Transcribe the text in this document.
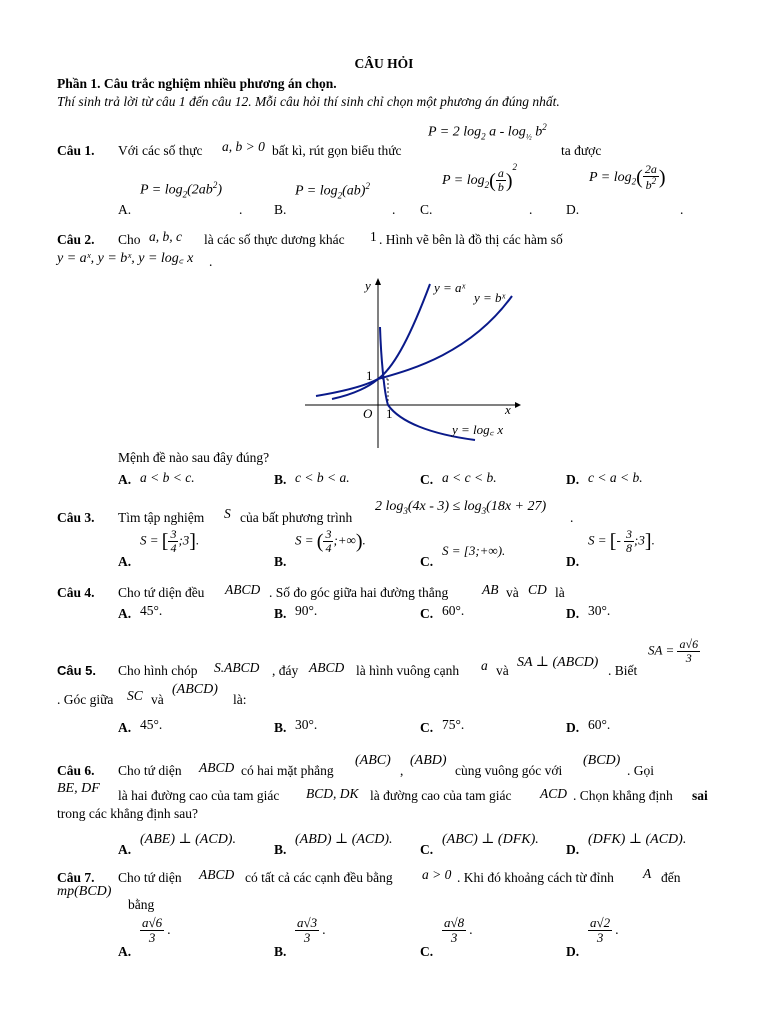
CÂU HỎI
Phần 1. Câu trắc nghiệm nhiều phương án chọn.
Thí sinh trả lời từ câu 1 đến câu 12. Mỗi câu hỏi thí sinh chỉ chọn một phương án đúng nhất.
Câu 1. Với các số thực a, b > 0 bất kì, rút gọn biểu thức
P = 2 $\log_2 a - \log_{\frac{1}{2}} b^2$
ta được
A.
$P = \log_2(2ab^2)$
. B.
$P = \log_2(ab)^2$
. C.
$P = \log_2( \frac{a}{b} )^2$
. D.
$P = \log_2( \frac{2a}{b^2}$ )
.
Câu 2. Cho a, b, c là các số thực dương khác 1 . Hình vẽ bên là đồ thị các hàm số
y = aˣ, y = bˣ, y = log꜀ x .
y
x
O 1
1
y = aˣ
y = bˣ
y = log꜀ x
Mệnh đề nào sau đây đúng?
A. a < b < c.	B. c < b < a.	C. a < c < b.	D. c < a < b.
Câu 3. Tìm tập nghiệm S của bất phương trình
2 $\log_3(4x - 3) \le \log_3(18x + 27)$
.
A.
S = [ $\frac{3}{4}$ ;3].
B.
S = ( $\frac{3}{4}$ ;+∞).
C.
S = [3;+∞).
D.
S = [- $\frac{3}{8}$ ;3].
Câu 4. Cho tứ diện đều ABCD . Số đo góc giữa hai đường thẳng AB và CD là
A. 45°.	B. 90°.	C. 60°.	D. 30°.
Câu 5. Cho hình chóp S.ABCD , đáy ABCD là hình vuông cạnh a và
SA ⊥ (ABCD)
. Biết
SA = $\frac{a√6}{3}$
. Góc giữa SC và
(ABCD)
là:
A. 45°.	B. 30°.	C. 75°.	D. 60°.
Câu 6. Cho tứ diện ABCD có hai mặt phẳng
(ABC)
,
(ABD)
cùng vuông góc với
(BCD)
. Gọi
BE, DF là hai đường cao của tam giác BCD, DK là đường cao của tam giác ACD . Chọn khẳng định sai
trong các khẳng định sau?
A.
(ABE) ⊥ (ACD).
B.
(ABD) ⊥ (ACD).
C.
(ABC) ⊥ (DFK).
D.
(DFK) ⊥ (ACD).
Câu 7. Cho tứ diện ABCD có tất cả các cạnh đều bằng a > 0 . Khi đó khoảng cách từ đỉnh A đến
mp(BCD)
bằng
A.
$\frac{a√6}{3}$ .
B.
$\frac{a√3}{3}$ .
C.
$\frac{a√8}{3}$ .
D.
$\frac{a√2}{3}$ .
